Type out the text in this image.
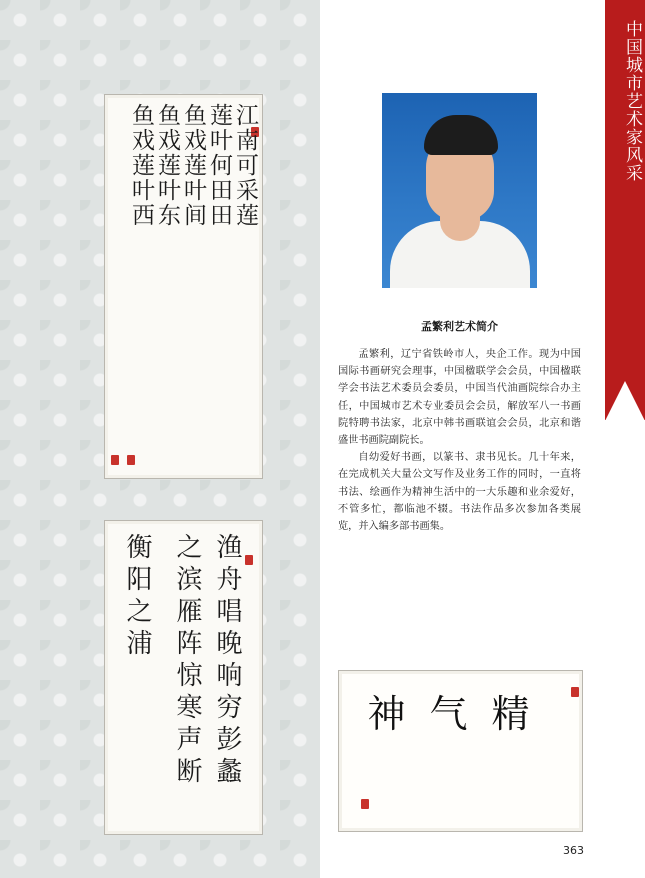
江南可采莲
莲叶何田田
鱼戏莲叶间
鱼戏莲叶东
鱼戏莲叶西
渔舟唱晚响穷彭蠡
之滨雁阵惊寒声断
衡阳之浦
孟繁利艺术简介

孟繁利，辽宁省铁岭市人，央企工作。现为中国国际书画研究会理事，中国楹联学会会员，中国楹联学会书法艺术委员会委员，中国当代油画院综合办主任，中国城市艺术专业委员会会员，解放军八一书画院特聘书法家，北京中韩书画联谊会会员，北京和谐盛世书画院副院长。

自幼爱好书画，以篆书、隶书见长。几十年来，在完成机关大量公文写作及业务工作的同时，一直将书法、绘画作为精神生活中的一大乐趣和业余爱好，不管多忙，都临池不辍。书法作品多次参加各类展览，并入编多部书画集。

精气神
中国城市艺术家风采
363
